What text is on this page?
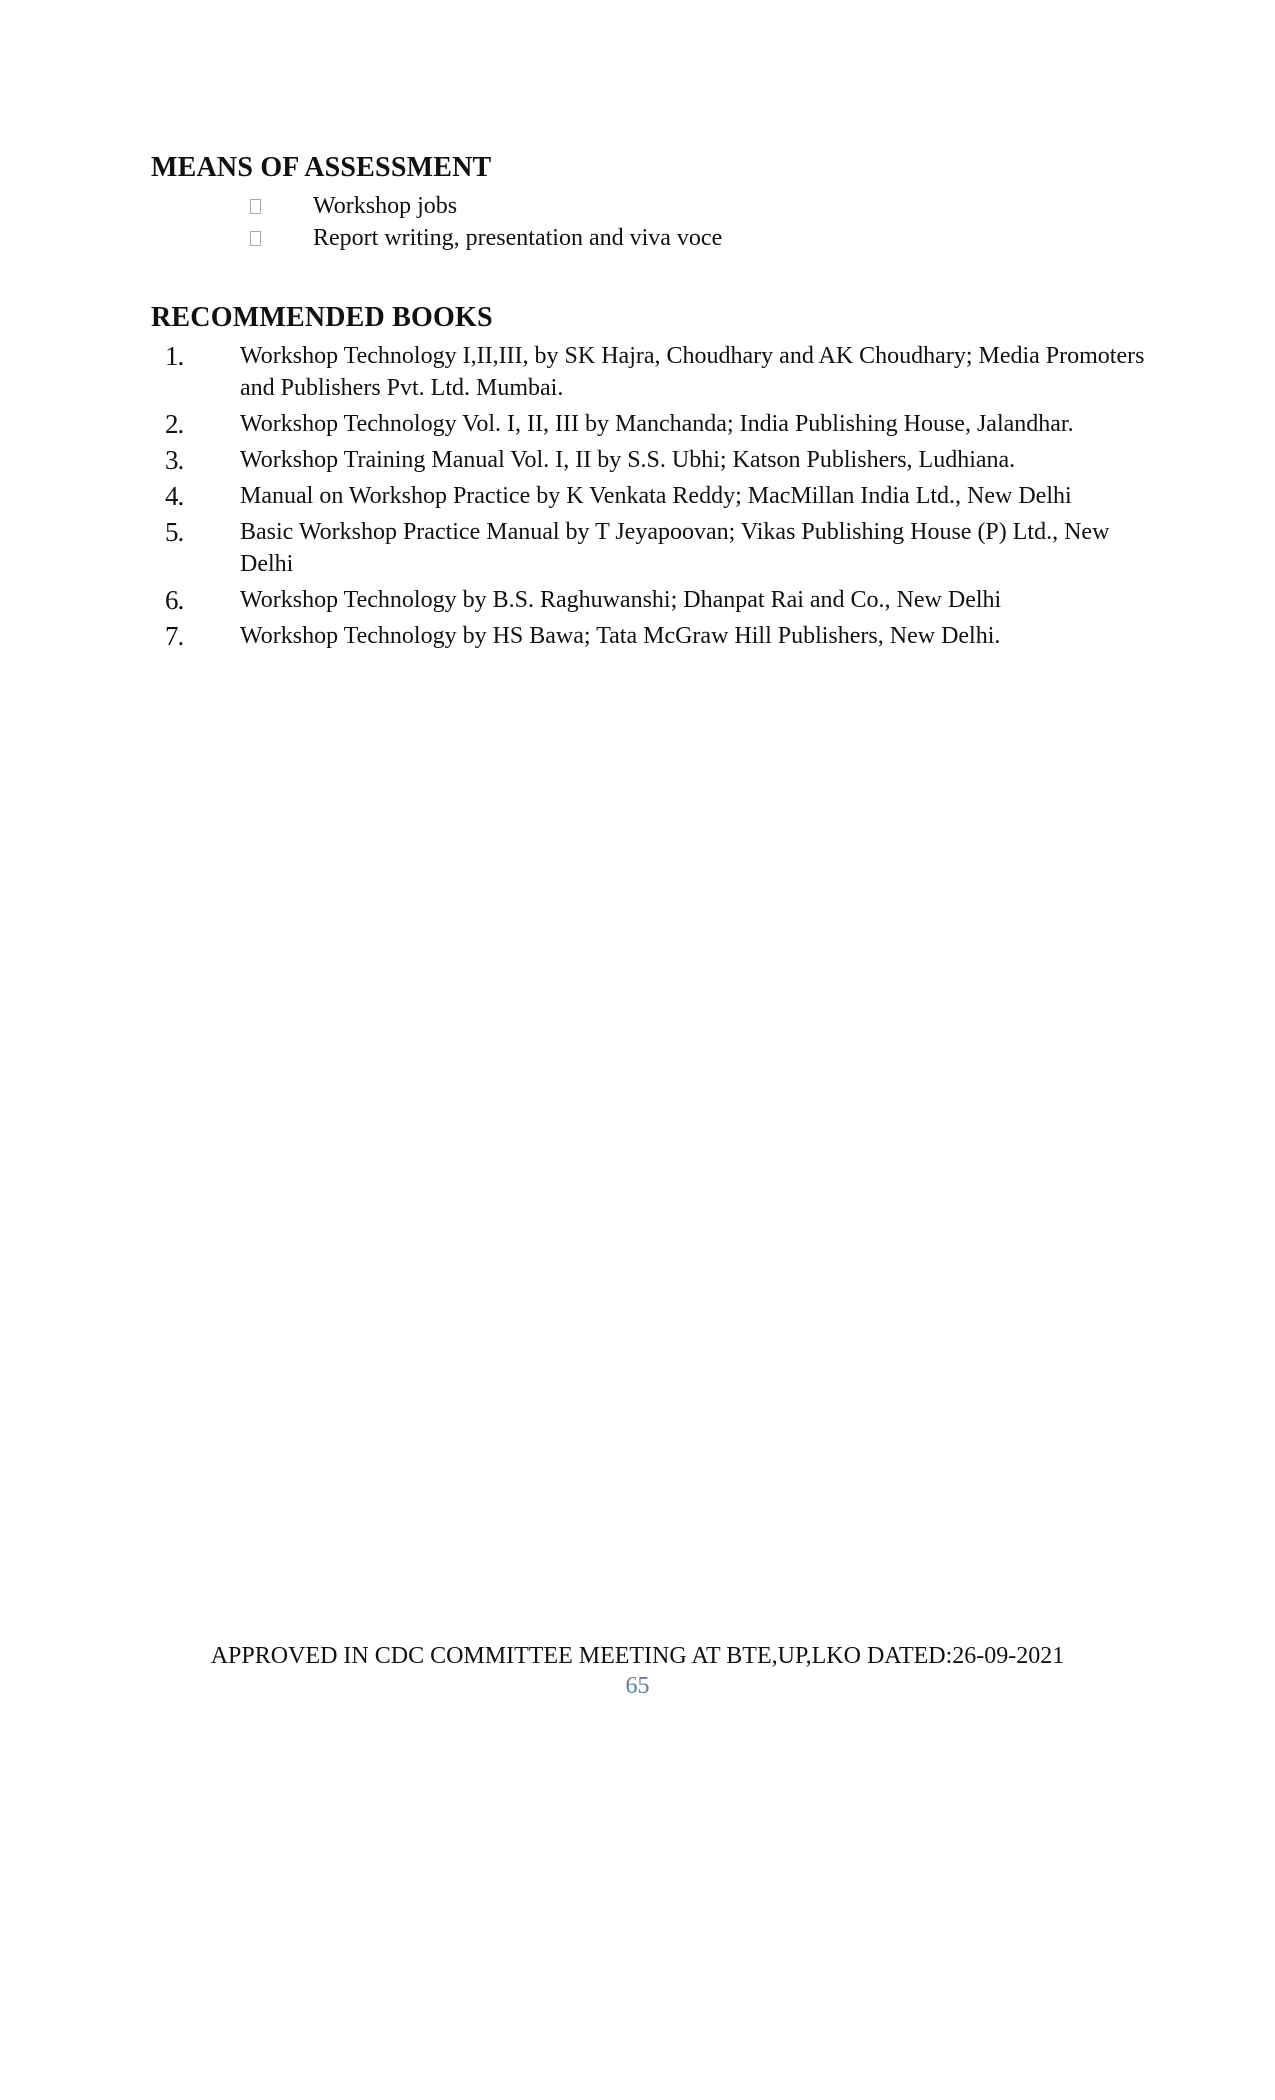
MEANS OF ASSESSMENT
Workshop jobs
Report writing, presentation and viva voce
RECOMMENDED BOOKS
1.	Workshop Technology I,II,III, by SK Hajra, Choudhary and AK Choudhary; Media Promoters and Publishers Pvt. Ltd. Mumbai.
2.	Workshop Technology Vol. I, II, III by Manchanda; India Publishing House, Jalandhar.
3.	Workshop Training Manual Vol. I, II by S.S. Ubhi; Katson Publishers, Ludhiana.
4.	Manual on Workshop Practice by K Venkata Reddy; MacMillan India Ltd., New Delhi
5.	Basic Workshop Practice Manual by T Jeyapoovan; Vikas Publishing House (P) Ltd., New Delhi
6.	Workshop Technology by B.S. Raghuwanshi; Dhanpat Rai and Co., New Delhi
7.	Workshop Technology by HS Bawa; Tata McGraw Hill Publishers, New Delhi.
APPROVED IN CDC COMMITTEE MEETING AT BTE,UP,LKO DATED:26-09-2021
65
